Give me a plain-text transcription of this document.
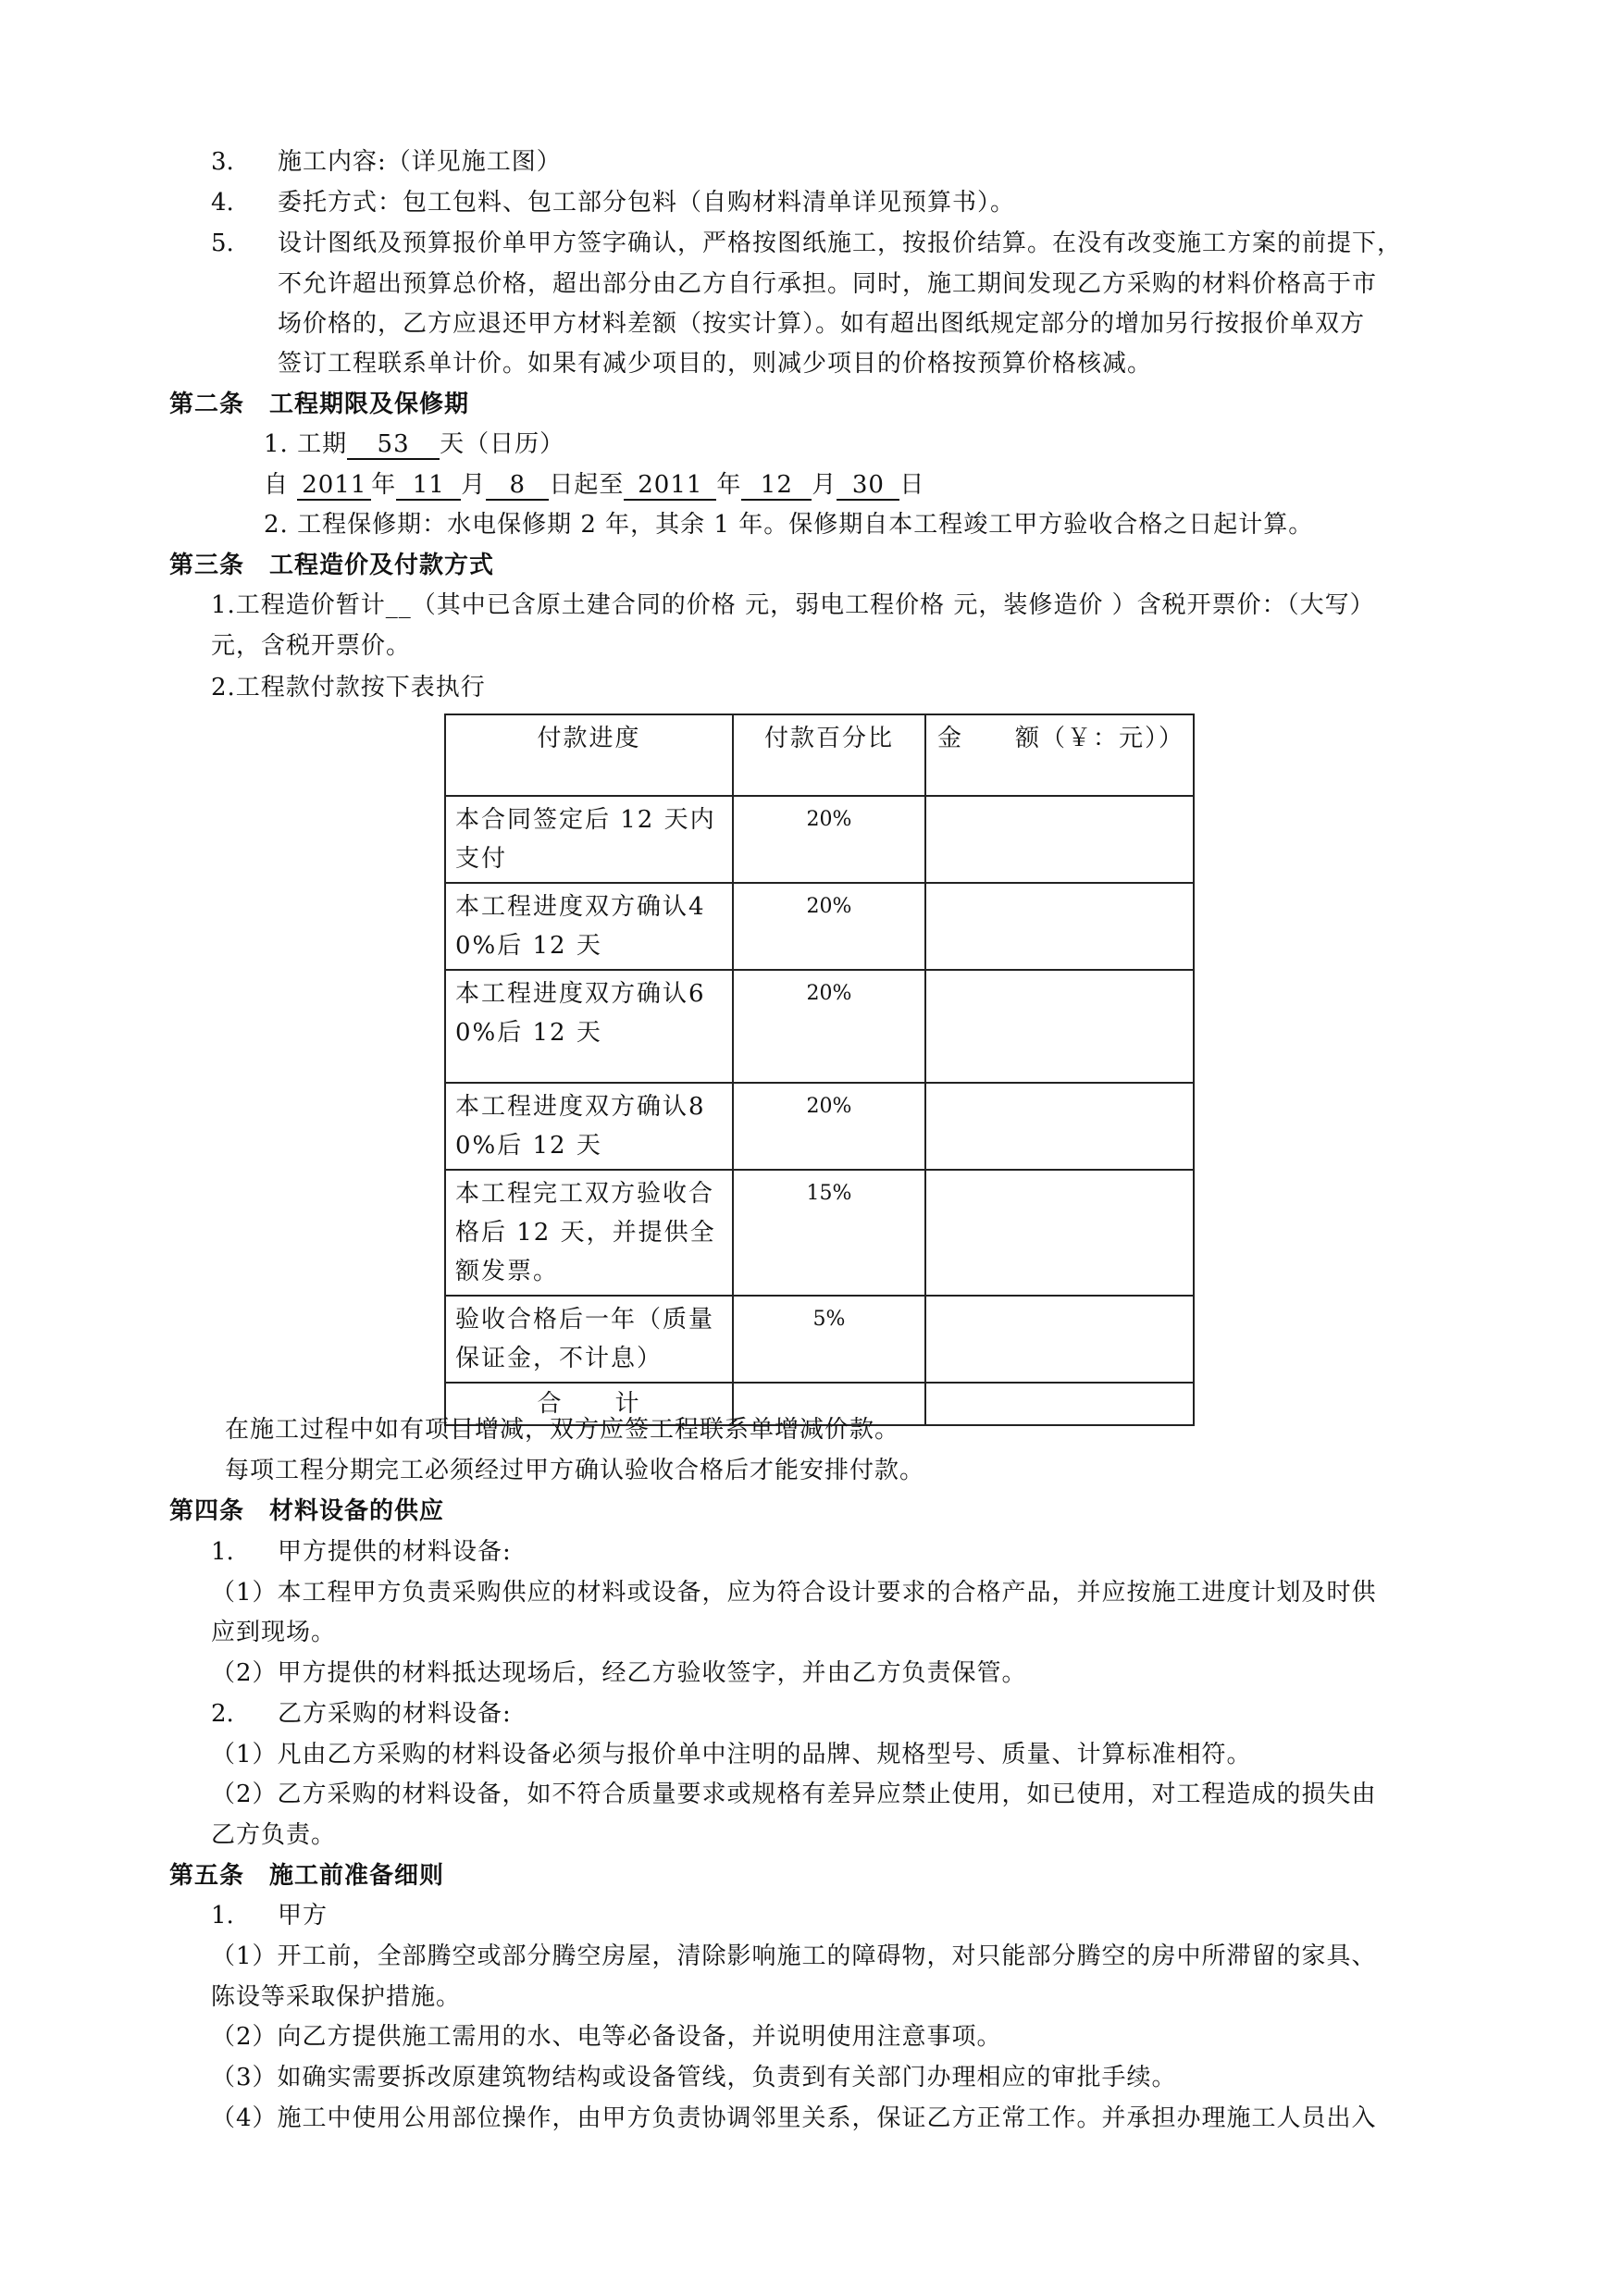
3. 施工内容:（详见施工图）
4. 委托方式：包工包料、包工部分包料（自购材料清单详见预算书）。
5. 设计图纸及预算报价单甲方签字确认，严格按图纸施工，按报价结算。在没有改变施工方案的前提下，
不允许超出预算总价格，超出部分由乙方自行承担。同时，施工期间发现乙方采购的材料价格高于市
场价格的，乙方应退还甲方材料差额（按实计算）。如有超出图纸规定部分的增加另行按报价单双方
签订工程联系单计价。如果有减少项目的，则减少项目的价格按预算价格核减。
第二条　工程期限及保修期
1. 工期 53 天（日历）
自 2011 年 11 月 8 日起至 2011 年 12 月 30 日
2. 工程保修期：水电保修期 2 年，其余 1 年。保修期自本工程竣工甲方验收合格之日起计算。
第三条　工程造价及付款方式
1.工程造价暂计__（其中已含原土建合同的价格 元，弱电工程价格 元，装修造价 ）含税开票价：（大写）
元，含税开票价。
2.工程款付款按下表执行
付款进度	付款百分比	金　　额（￥：元））
本合同签定后 12 天内支付	20%	
本工程进度双方确认40%后 12 天	20%	
本工程进度双方确认60%后 12 天	20%	
本工程进度双方确认80%后 12 天	20%	
本工程完工双方验收合格后 12 天，并提供全额发票。	15%	
验收合格后一年（质量保证金，不计息）	5%	
合　　计		
在施工过程中如有项目增减，双方应签工程联系单增减价款。
每项工程分期完工必须经过甲方确认验收合格后才能安排付款。
第四条　材料设备的供应
1. 甲方提供的材料设备:
（1）本工程甲方负责采购供应的材料或设备，应为符合设计要求的合格产品，并应按施工进度计划及时供
应到现场。
（2）甲方提供的材料抵达现场后，经乙方验收签字，并由乙方负责保管。
2. 乙方采购的材料设备:
（1）凡由乙方采购的材料设备必须与报价单中注明的品牌、规格型号、质量、计算标准相符。
（2）乙方采购的材料设备，如不符合质量要求或规格有差异应禁止使用，如已使用，对工程造成的损失由
乙方负责。
第五条　施工前准备细则
1. 甲方
（1）开工前，全部腾空或部分腾空房屋，清除影响施工的障碍物，对只能部分腾空的房中所滞留的家具、
陈设等采取保护措施。
（2）向乙方提供施工需用的水、电等必备设备，并说明使用注意事项。
（3）如确实需要拆改原建筑物结构或设备管线，负责到有关部门办理相应的审批手续。
（4）施工中使用公用部位操作，由甲方负责协调邻里关系，保证乙方正常工作。并承担办理施工人员出入
